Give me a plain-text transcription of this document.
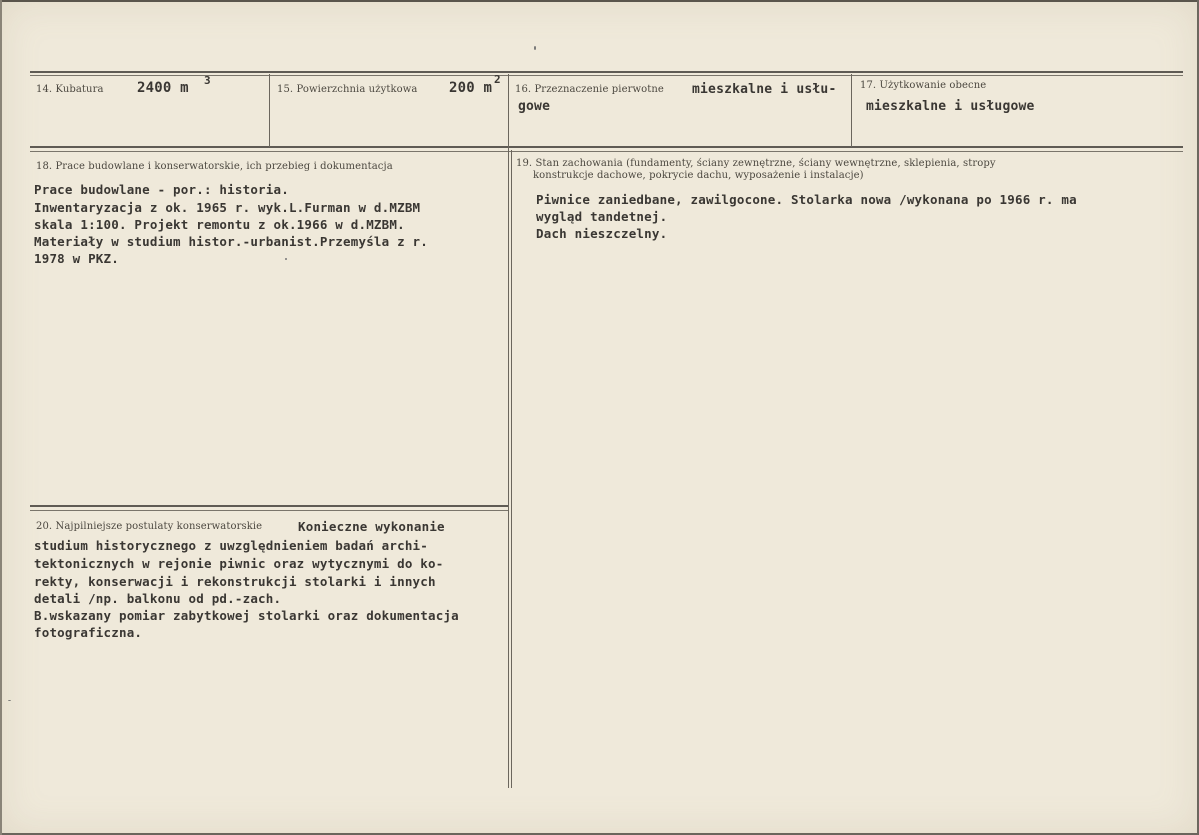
14. Kubatura 2400 m 3
15. Powierzchnia użytkowa 200 m
2
16. Przeznaczenie pierwotne mieszkalne i usłu-
gowe
17. Użytkowanie obecne
mieszkalne i usługowe
18. Prace budowlane i konserwatorskie, ich przebieg i dokumentacja
Prace budowlane - por.: historia.
Inwentaryzacja z ok. 1965 r. wyk.L.Furman w d.MZBM
skala 1:100. Projekt remontu z ok.1966 w d.MZBM.
Materiały w studium histor.-urbanist.Przemyśla z r.
1978 w PKZ.
19. Stan zachowania (fundamenty, ściany zewnętrzne, ściany wewnętrzne, sklepienia, stropy
konstrukcje dachowe, pokrycie dachu, wyposażenie i instalacje)
Piwnice zaniedbane, zawilgocone. Stolarka nowa /wykonana po 1966 r. ma
wygląd tandetnej.
Dach nieszczelny.
20. Najpilniejsze postulaty konserwatorskie	Konieczne wykonanie
studium historycznego z uwzględnieniem badań archi-
tektonicznych w rejonie piwnic oraz wytycznymi do ko-
rekty, konserwacji i rekonstrukcji stolarki i innych
detali /np. balkonu od pd.-zach.
B.wskazany pomiar zabytkowej stolarki oraz dokumentacja
fotograficzna.
